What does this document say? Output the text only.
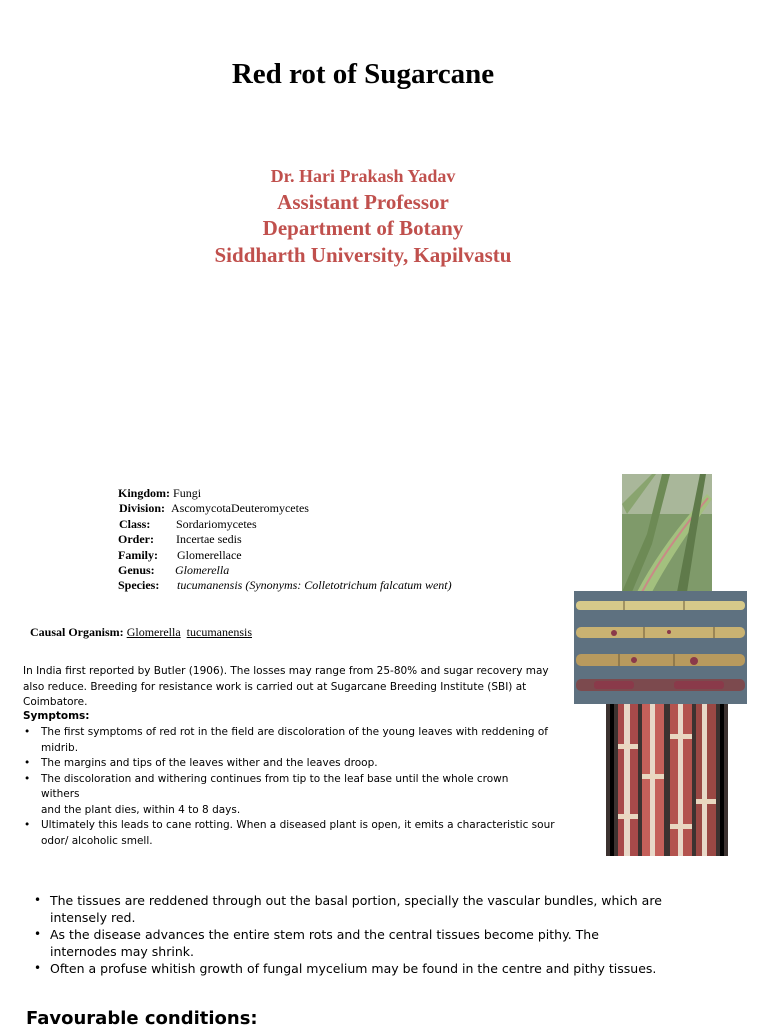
Red rot of Sugarcane
Dr. Hari Prakash Yadav
Assistant Professor
Department of Botany
Siddharth University, Kapilvastu
Kingdom:
Fungi
Division:
AscomycotaDeuteromycetes
Class:	Sordariomycetes
Order:	Incertae sedis
Family:	Glomerellace
Genus:	Glomerella
Species:	tucumanensis (Synonyms: Colletotrichum falcatum went)
Causal Organism: Glomerella tucumanensis
In India first reported by Butler (1906). The losses may range from 25-80% and sugar recovery may also reduce. Breeding for resistance work is carried out at Sugarcane Breeding Institute (SBI) at Coimbatore.
Symptoms:
• The first symptoms of red rot in the field are discoloration of the young leaves with reddening of midrib.
• The margins and tips of the leaves wither and the leaves droop.
• The discoloration and withering continues from tip to the leaf base until the whole crown withers
and the plant dies, within 4 to 8 days.
• Ultimately this leads to cane rotting. When a diseased plant is open, it emits a characteristic sour odor/ alcoholic smell.
• The tissues are reddened through out the basal portion, specially the vascular bundles, which are intensely red.
• As the disease advances the entire stem rots and the central tissues become pithy. The internodes may shrink.
• Often a profuse whitish growth of fungal mycelium may be found in the centre and pithy tissues.
Favourable conditions:
